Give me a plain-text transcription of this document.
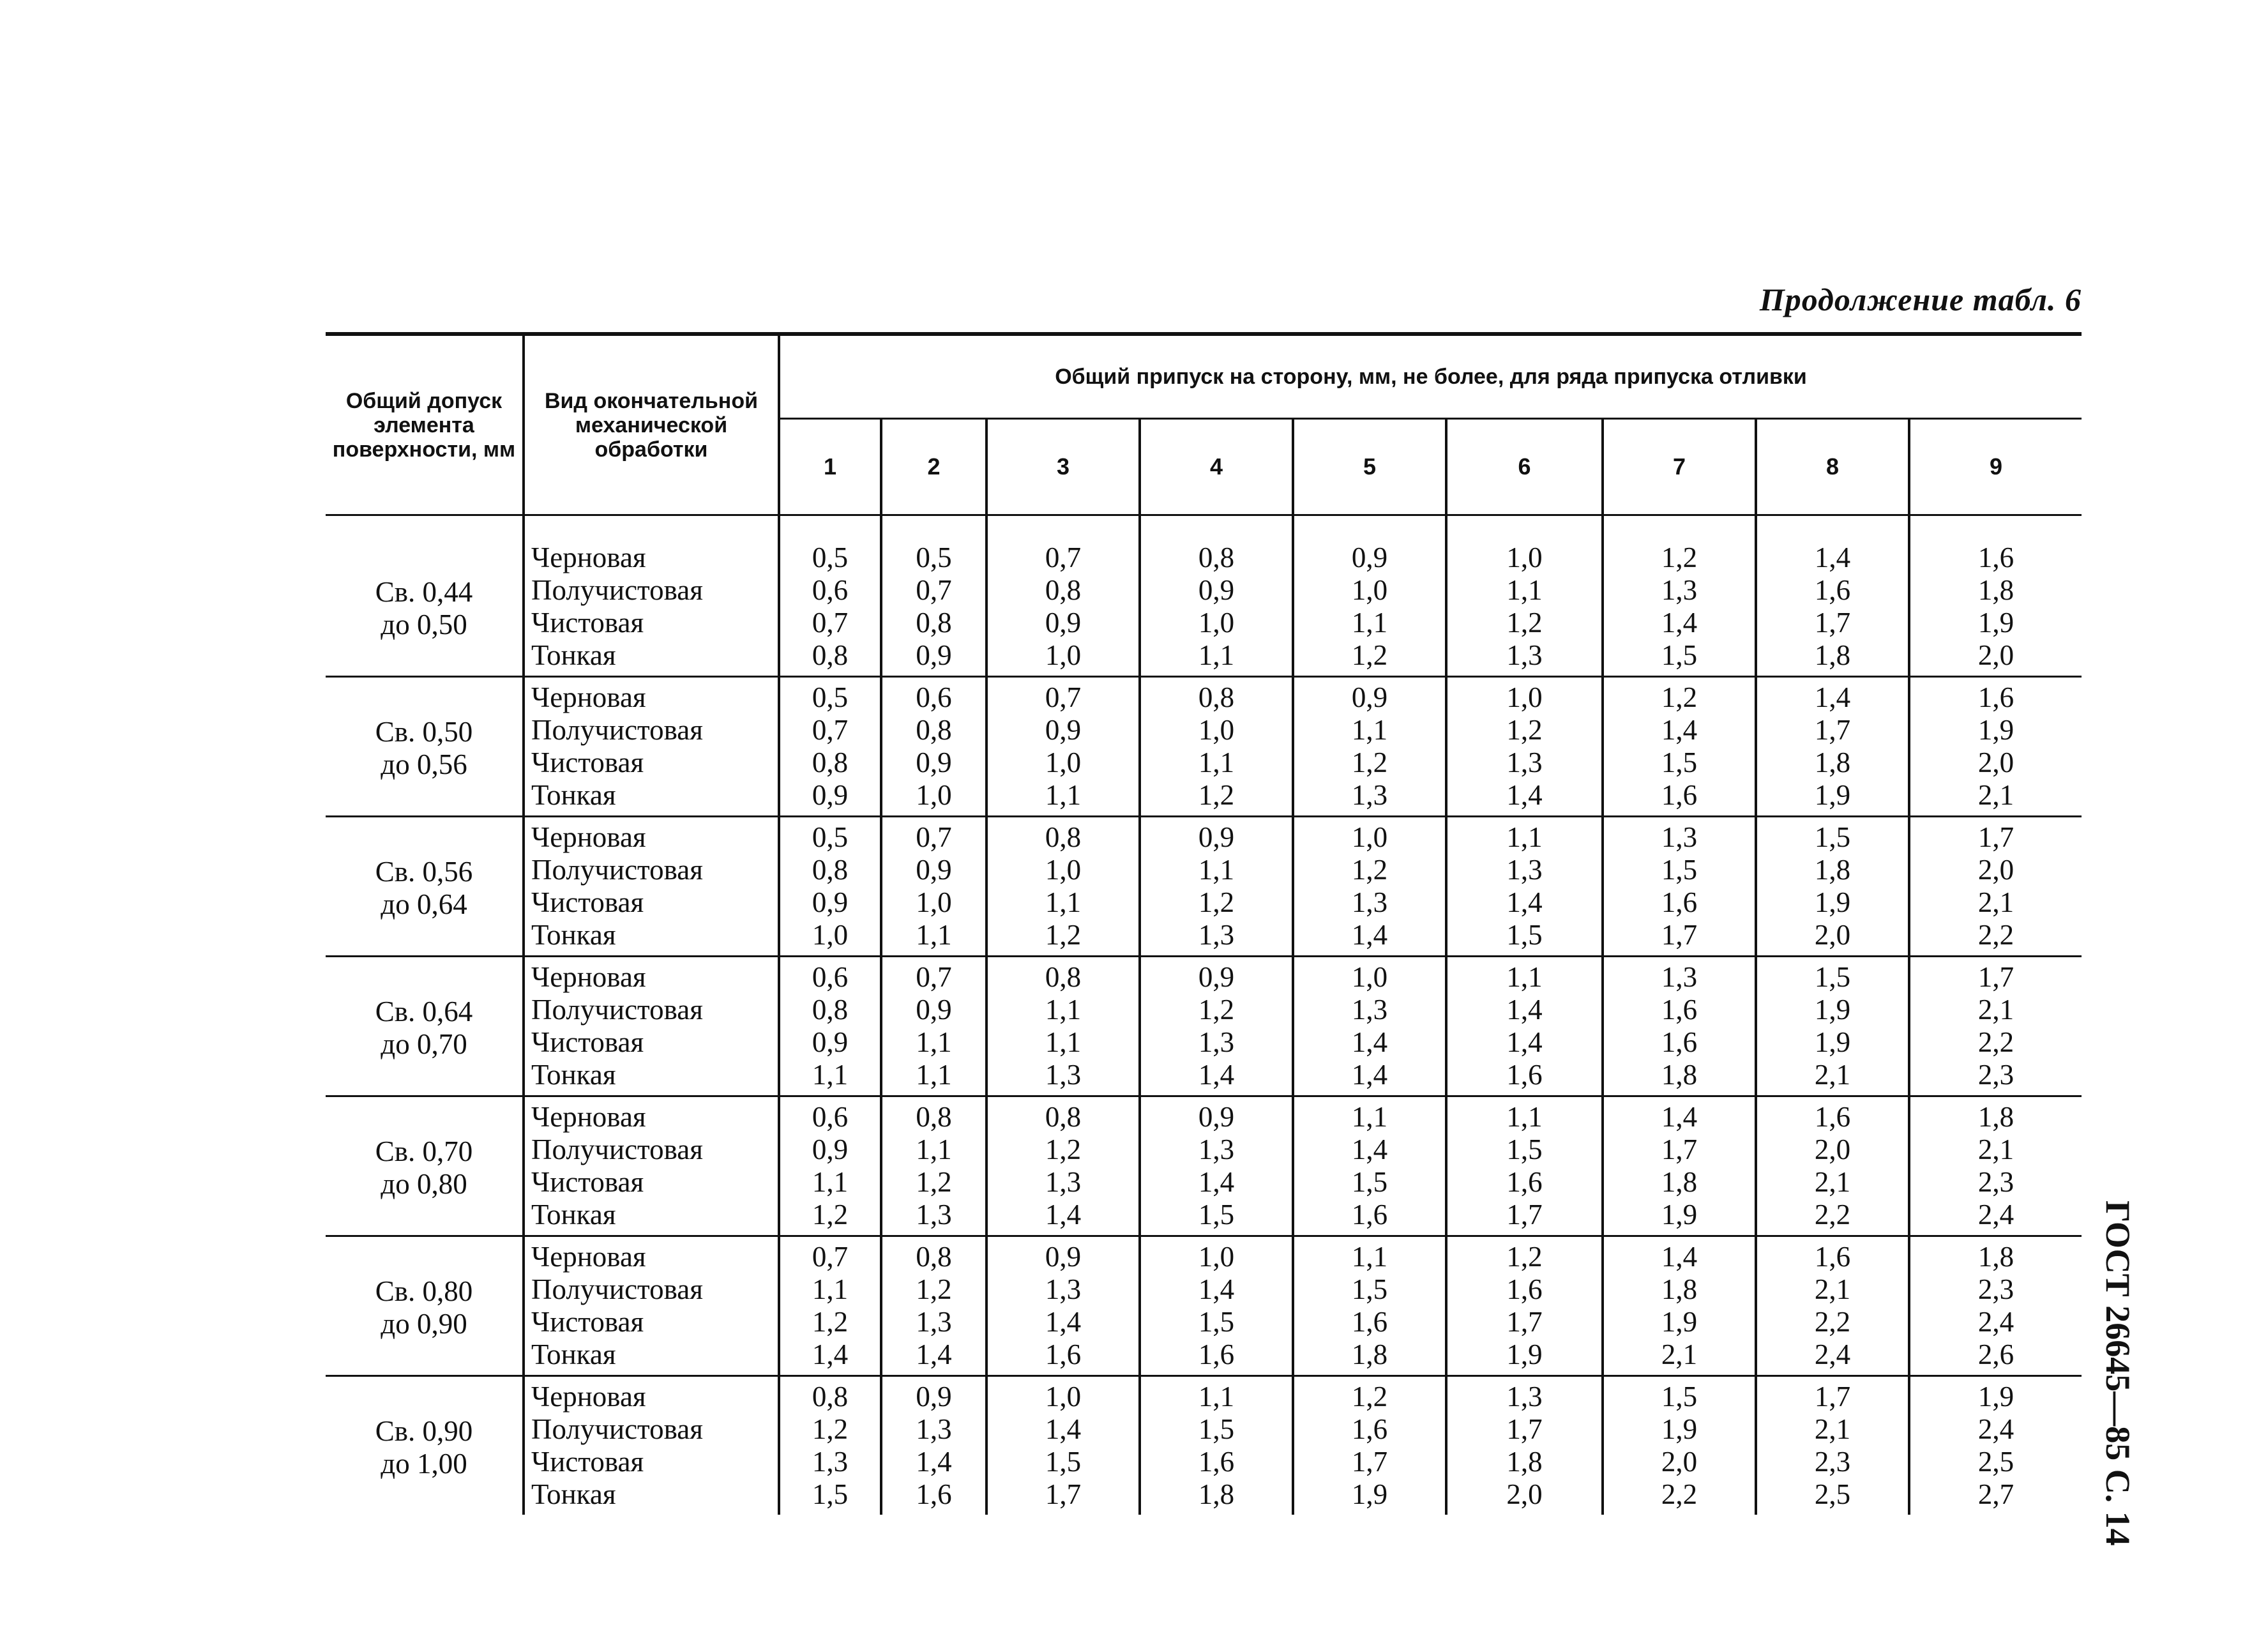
Продолжение табл. 6
ГОСТ 26645—85 С. 14
Общий допуск элемента поверхности, мм	Вид окончательной механической обработки	Общий припуск на сторону, мм, не более, для ряда припуска отливки								
		1	2	3	4	5	6	7	8	9

Св. 0,44
до 0,50	Черновая	0,5	0,5	0,7	0,8	0,9	1,0	1,2	1,4	1,6
	Получистовая	0,6	0,7	0,8	0,9	1,0	1,1	1,3	1,6	1,8
	Чистовая	0,7	0,8	0,9	1,0	1,1	1,2	1,4	1,7	1,9
	Тонкая	0,8	0,9	1,0	1,1	1,2	1,3	1,5	1,8	2,0

Св. 0,50
до 0,56	Черновая	0,5	0,6	0,7	0,8	0,9	1,0	1,2	1,4	1,6
	Получистовая	0,7	0,8	0,9	1,0	1,1	1,2	1,4	1,7	1,9
	Чистовая	0,8	0,9	1,0	1,1	1,2	1,3	1,5	1,8	2,0
	Тонкая	0,9	1,0	1,1	1,2	1,3	1,4	1,6	1,9	2,1

Св. 0,56
до 0,64	Черновая	0,5	0,7	0,8	0,9	1,0	1,1	1,3	1,5	1,7
	Получистовая	0,8	0,9	1,0	1,1	1,2	1,3	1,5	1,8	2,0
	Чистовая	0,9	1,0	1,1	1,2	1,3	1,4	1,6	1,9	2,1
	Тонкая	1,0	1,1	1,2	1,3	1,4	1,5	1,7	2,0	2,2

Св. 0,64
до 0,70	Черновая	0,6	0,7	0,8	0,9	1,0	1,1	1,3	1,5	1,7
	Получистовая	0,8	0,9	1,1	1,2	1,3	1,4	1,6	1,9	2,1
	Чистовая	0,9	1,1	1,1	1,3	1,4	1,4	1,6	1,9	2,2
	Тонкая	1,1	1,1	1,3	1,4	1,4	1,6	1,8	2,1	2,3

Св. 0,70
до 0,80	Черновая	0,6	0,8	0,8	0,9	1,1	1,1	1,4	1,6	1,8
	Получистовая	0,9	1,1	1,2	1,3	1,4	1,5	1,7	2,0	2,1
	Чистовая	1,1	1,2	1,3	1,4	1,5	1,6	1,8	2,1	2,3
	Тонкая	1,2	1,3	1,4	1,5	1,6	1,7	1,9	2,2	2,4

Св. 0,80
до 0,90	Черновая	0,7	0,8	0,9	1,0	1,1	1,2	1,4	1,6	1,8
	Получистовая	1,1	1,2	1,3	1,4	1,5	1,6	1,8	2,1	2,3
	Чистовая	1,2	1,3	1,4	1,5	1,6	1,7	1,9	2,2	2,4
	Тонкая	1,4	1,4	1,6	1,6	1,8	1,9	2,1	2,4	2,6

Св. 0,90
до 1,00	Черновая	0,8	0,9	1,0	1,1	1,2	1,3	1,5	1,7	1,9
	Получистовая	1,2	1,3	1,4	1,5	1,6	1,7	1,9	2,1	2,4
	Чистовая	1,3	1,4	1,5	1,6	1,7	1,8	2,0	2,3	2,5
	Тонкая	1,5	1,6	1,7	1,8	1,9	2,0	2,2	2,5	2,7
